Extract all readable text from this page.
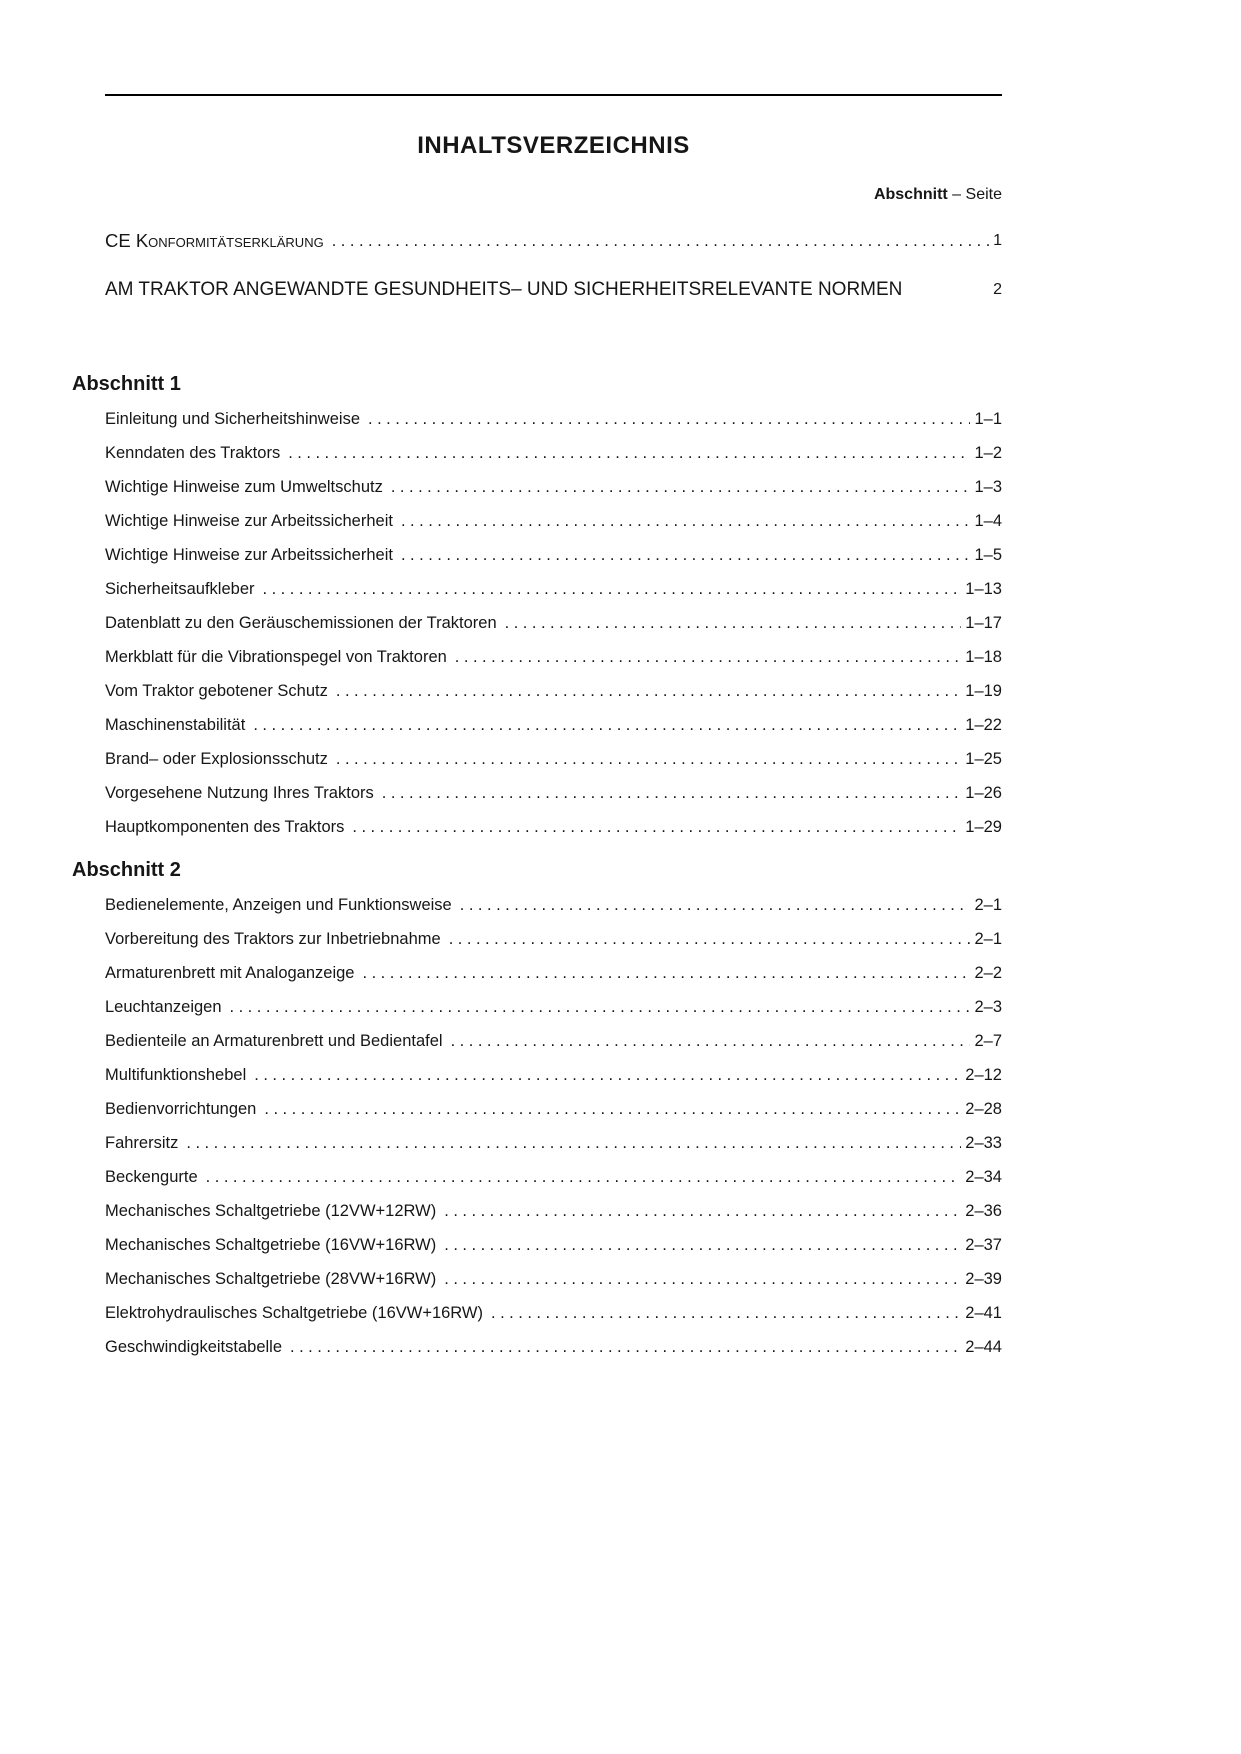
INHALTSVERZEICHNIS
Abschnitt – Seite
CE Konformitätserklärung .....	1
AM TRAKTOR ANGEWANDTE GESUNDHEITS– UND SICHERHEITSRELEVANTE NORMEN	2
Abschnitt 1
Einleitung und Sicherheitshinweise .....	1–1
Kenndaten des Traktors .....	1–2
Wichtige Hinweise zum Umweltschutz .....	1–3
Wichtige Hinweise zur Arbeitssicherheit .....	1–4
Wichtige Hinweise zur Arbeitssicherheit .....	1–5
Sicherheitsaufkleber .....	1–13
Datenblatt zu den Geräuschemissionen der Traktoren .....	1–17
Merkblatt für die Vibrationspegel von Traktoren .....	1–18
Vom Traktor gebotener Schutz .....	1–19
Maschinenstabilität .....	1–22
Brand– oder Explosionsschutz .....	1–25
Vorgesehene Nutzung Ihres Traktors .....	1–26
Hauptkomponenten des Traktors .....	1–29
Abschnitt 2
Bedienelemente, Anzeigen und Funktionsweise .....	2–1
Vorbereitung des Traktors zur Inbetriebnahme .....	2–1
Armaturenbrett mit Analoganzeige .....	2–2
Leuchtanzeigen .....	2–3
Bedienteile an Armaturenbrett und Bedientafel .....	2–7
Multifunktionshebel .....	2–12
Bedienvorrichtungen .....	2–28
Fahrersitz .....	2–33
Beckengurte .....	2–34
Mechanisches Schaltgetriebe (12VW+12RW) .....	2–36
Mechanisches Schaltgetriebe (16VW+16RW) .....	2–37
Mechanisches Schaltgetriebe (28VW+16RW) .....	2–39
Elektrohydraulisches Schaltgetriebe (16VW+16RW) .....	2–41
Geschwindigkeitstabelle .....	2–44
